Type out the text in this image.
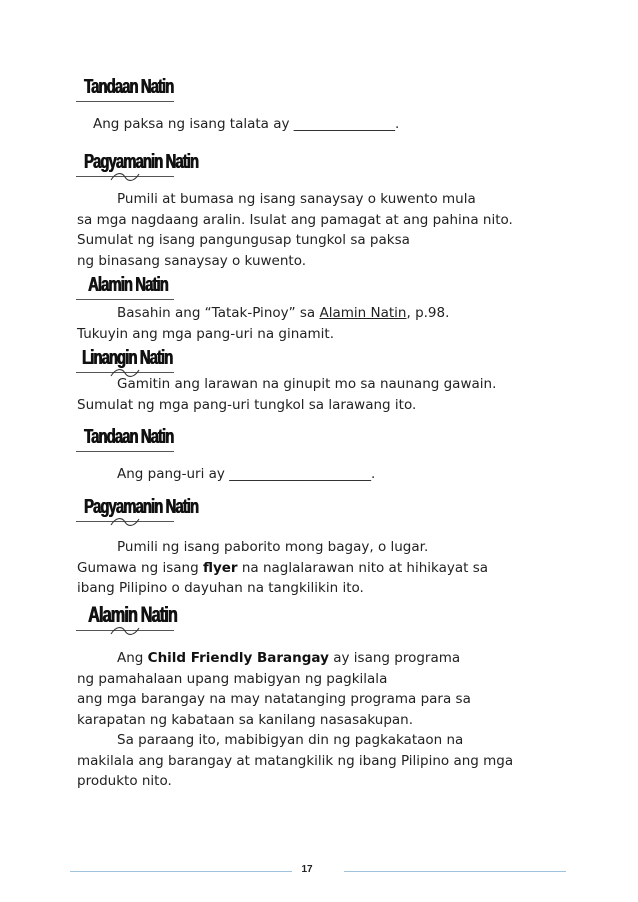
Tandaan Natin
Ang paksa ng isang talata ay _______________.
Pagyamanin Natin
Pumili at bumasa ng isang sanaysay o kuwento mula
sa mga nagdaang aralin. Isulat ang pamagat at ang pahina nito.
Sumulat ng isang pangungusap tungkol sa paksa
ng binasang sanaysay o kuwento.
Alamin Natin
Basahin ang “Tatak-Pinoy” sa Alamin Natin, p.98.
Tukuyin ang mga pang-uri na ginamit.
Linangin Natin
Gamitin ang larawan na ginupit mo sa naunang gawain.
Sumulat ng mga pang-uri tungkol sa larawang ito.
Tandaan Natin
Ang pang-uri ay _____________________.
Pagyamanin Natin
Pumili ng isang paborito mong bagay, o lugar.
Gumawa ng isang flyer na naglalarawan nito at hihikayat sa
ibang Pilipino o dayuhan na tangkilikin ito.
Alamin Natin
Ang Child Friendly Barangay ay isang programa
ng pamahalaan upang mabigyan ng pagkilala
ang mga barangay na may natatanging programa para sa
karapatan ng kabataan sa kanilang nasasakupan.
Sa paraang ito, mabibigyan din ng pagkakataon na
makilala ang barangay at matangkilik ng ibang Pilipino ang mga
produkto nito.
17
